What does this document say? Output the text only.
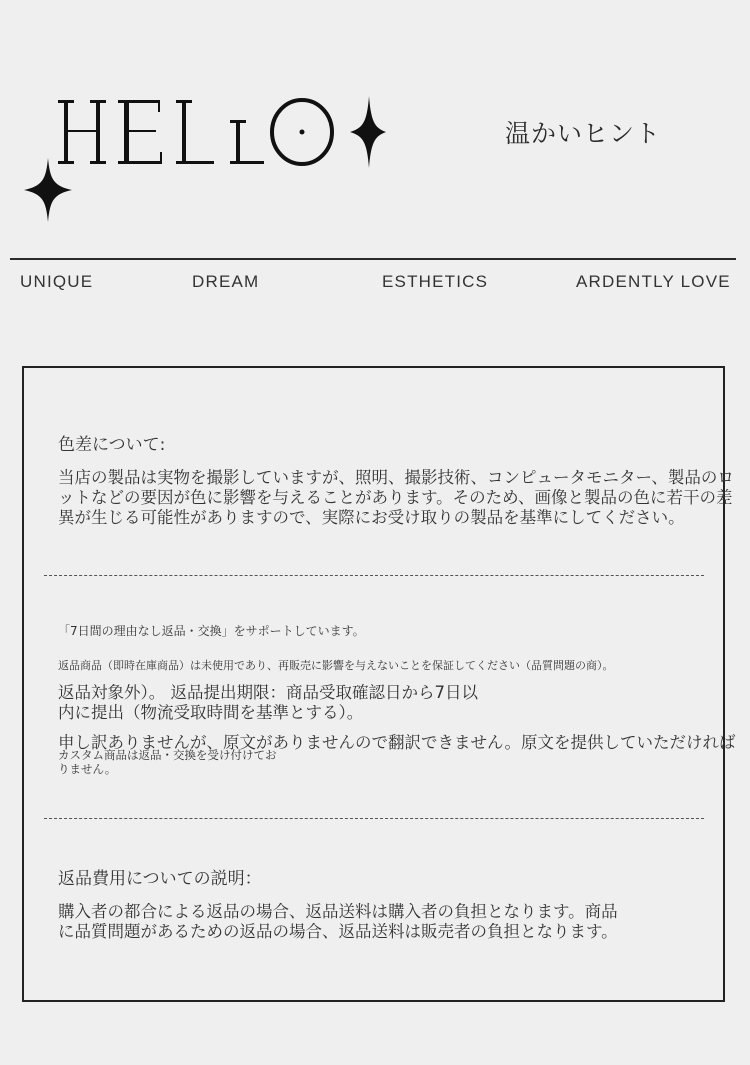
温かいヒント
UNIQUE	DREAM	ESTHETICS	ARDENTLY LOVE
色差について:
当店の製品は実物を撮影していますが、照明、撮影技術、コンピュータモニター、製品のロ
ットなどの要因が色に影響を与えることがあります。そのため、画像と製品の色に若干の差
異が生じる可能性がありますので、実際にお受け取りの製品を基準にしてください。
「7日間の理由なし返品・交換」をサポートしています。
返品商品（即時在庫商品）は未使用であり、再販売に影響を与えないことを保証してください（品質問題の商）。
返品対象外）。 返品提出期限：商品受取確認日から7日以
内に提出（物流受取時間を基準とする）。
申し訳ありませんが、原文がありませんので翻訳できません。原文を提供していただければ
カスタム商品は返品・交換を受け付けてお
りません。
返品費用についての説明：
購入者の都合による返品の場合、返品送料は購入者の負担となります。商品
に品質問題があるための返品の場合、返品送料は販売者の負担となります。
